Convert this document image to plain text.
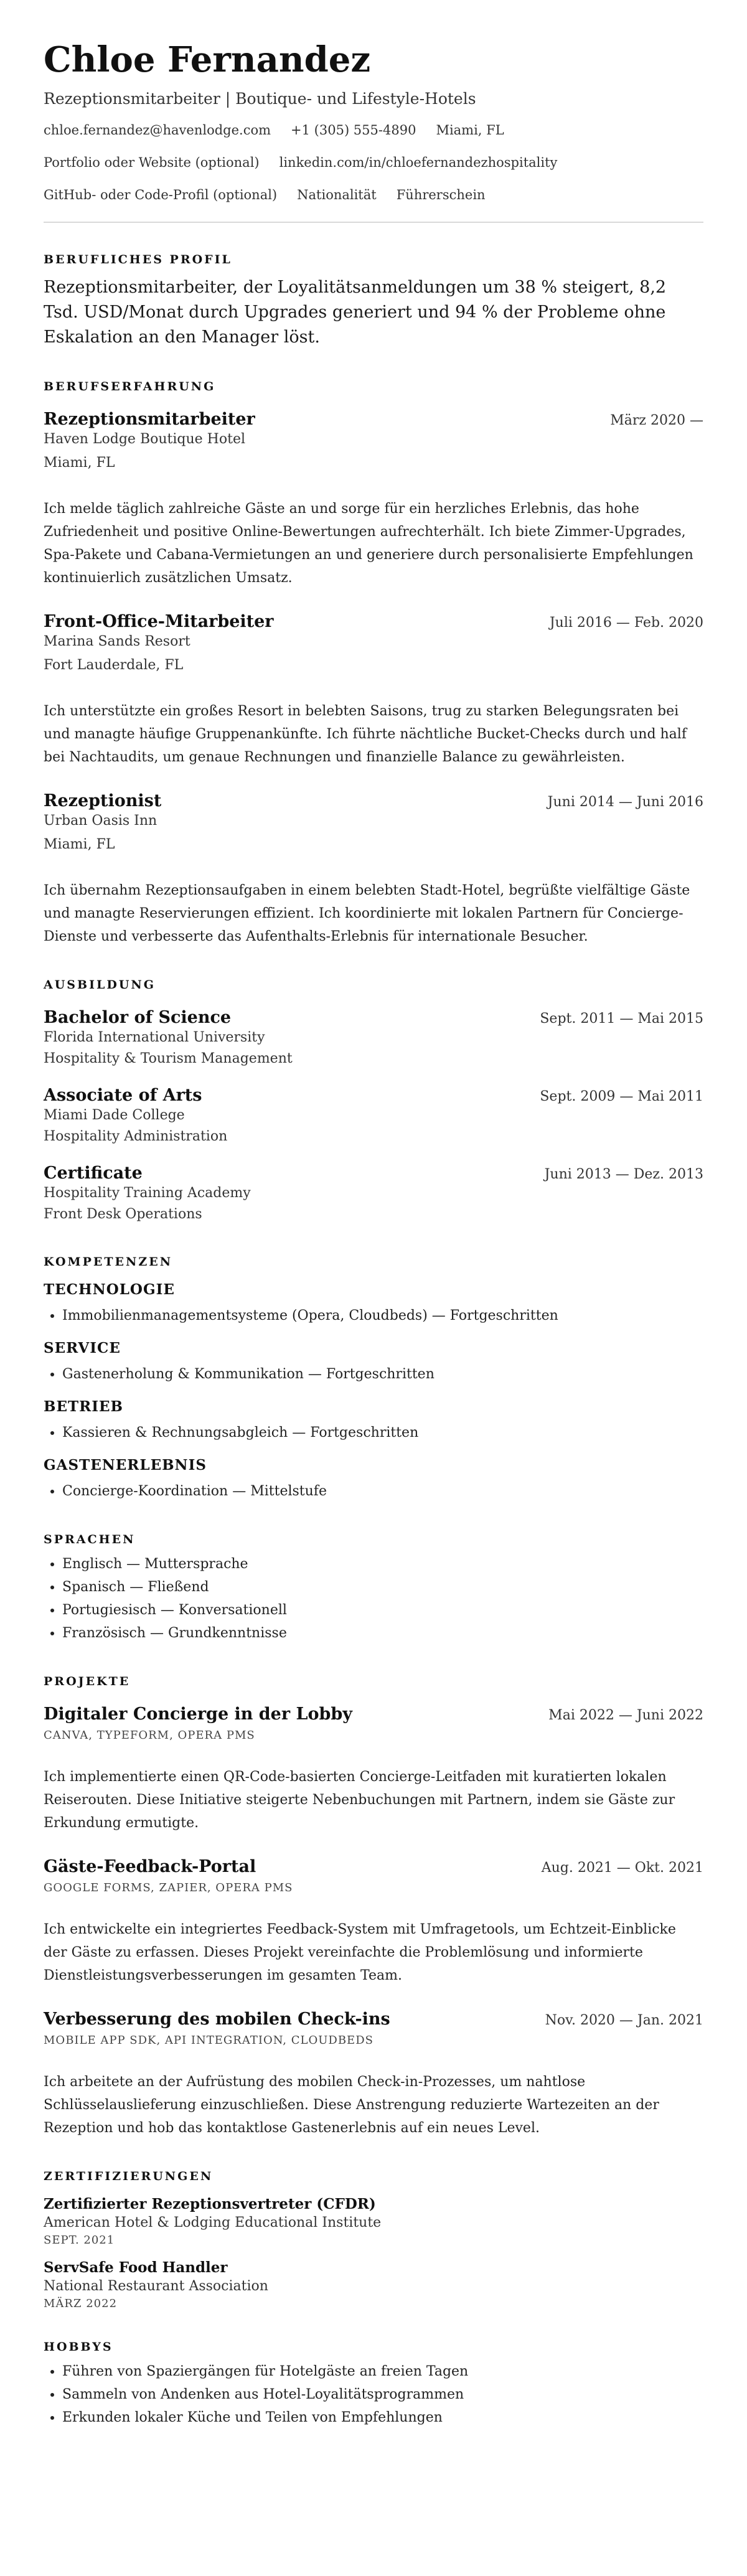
Chloe Fernandez
Rezeptionsmitarbeiter | Boutique- und Lifestyle-Hotels
chloe.fernandez@havenlodge.com +1 (305) 555-4890 Miami, FL
Portfolio oder Website (optional) linkedin.com/in/chloefernandezhospitality
GitHub- oder Code-Profil (optional) Nationalität Führerschein
BERUFLICHES PROFIL
Rezeptionsmitarbeiter, der Loyalitätsanmeldungen um 38 % steigert, 8,2 Tsd. USD/Monat durch Upgrades generiert und 94 % der Probleme ohne Eskalation an den Manager löst.
BERUFSERFAHRUNG
Rezeptionsmitarbeiter	März 2020 —
Haven Lodge Boutique Hotel
Miami, FL
Ich melde täglich zahlreiche Gäste an und sorge für ein herzliches Erlebnis, das hohe Zufriedenheit und positive Online-Bewertungen aufrechterhält. Ich biete Zimmer-Upgrades, Spa-Pakete und Cabana-Vermietungen an und generiere durch personalisierte Empfehlungen kontinuierlich zusätzlichen Umsatz.
Front-Office-Mitarbeiter	Juli 2016 — Feb. 2020
Marina Sands Resort
Fort Lauderdale, FL
Ich unterstützte ein großes Resort in belebten Saisons, trug zu starken Belegungsraten bei und managte häufige Gruppenankünfte. Ich führte nächtliche Bucket-Checks durch und half bei Nachtaudits, um genaue Rechnungen und finanzielle Balance zu gewährleisten.
Rezeptionist	Juni 2014 — Juni 2016
Urban Oasis Inn
Miami, FL
Ich übernahm Rezeptionsaufgaben in einem belebten Stadt-Hotel, begrüßte vielfältige Gäste und managte Reservierungen effizient. Ich koordinierte mit lokalen Partnern für Concierge-Dienste und verbesserte das Aufenthalts-Erlebnis für internationale Besucher.
AUSBILDUNG
Bachelor of Science	Sept. 2011 — Mai 2015
Florida International University
Hospitality & Tourism Management
Associate of Arts	Sept. 2009 — Mai 2011
Miami Dade College
Hospitality Administration
Certificate	Juni 2013 — Dez. 2013
Hospitality Training Academy
Front Desk Operations
KOMPETENZEN
TECHNOLOGIE
• Immobilienmanagementsysteme (Opera, Cloudbeds) — Fortgeschritten
SERVICE
• Gastenerholung & Kommunikation — Fortgeschritten
BETRIEB
• Kassieren & Rechnungsabgleich — Fortgeschritten
GASTENERLEBNIS
• Concierge-Koordination — Mittelstufe
SPRACHEN
• Englisch — Muttersprache
• Spanisch — Fließend
• Portugiesisch — Konversationell
• Französisch — Grundkenntnisse
PROJEKTE
Digitaler Concierge in der Lobby	Mai 2022 — Juni 2022
CANVA, TYPEFORM, OPERA PMS
Ich implementierte einen QR-Code-basierten Concierge-Leitfaden mit kuratierten lokalen Reiserouten. Diese Initiative steigerte Nebenbuchungen mit Partnern, indem sie Gäste zur Erkundung ermutigte.
Gäste-Feedback-Portal	Aug. 2021 — Okt. 2021
GOOGLE FORMS, ZAPIER, OPERA PMS
Ich entwickelte ein integriertes Feedback-System mit Umfragetools, um Echtzeit-Einblicke der Gäste zu erfassen. Dieses Projekt vereinfachte die Problemlösung und informierte Dienstleistungsverbesserungen im gesamten Team.
Verbesserung des mobilen Check-ins	Nov. 2020 — Jan. 2021
MOBILE APP SDK, API INTEGRATION, CLOUDBEDS
Ich arbeitete an der Aufrüstung des mobilen Check-in-Prozesses, um nahtlose Schlüsselauslieferung einzuschließen. Diese Anstrengung reduzierte Wartezeiten an der Rezeption und hob das kontaktlose Gastenerlebnis auf ein neues Level.
ZERTIFIZIERUNGEN
Zertifizierter Rezeptionsvertreter (CFDR)
American Hotel & Lodging Educational Institute
SEPT. 2021
ServSafe Food Handler
National Restaurant Association
MÄRZ 2022
HOBBYS
• Führen von Spaziergängen für Hotelgäste an freien Tagen
• Sammeln von Andenken aus Hotel-Loyalitätsprogrammen
• Erkunden lokaler Küche und Teilen von Empfehlungen
